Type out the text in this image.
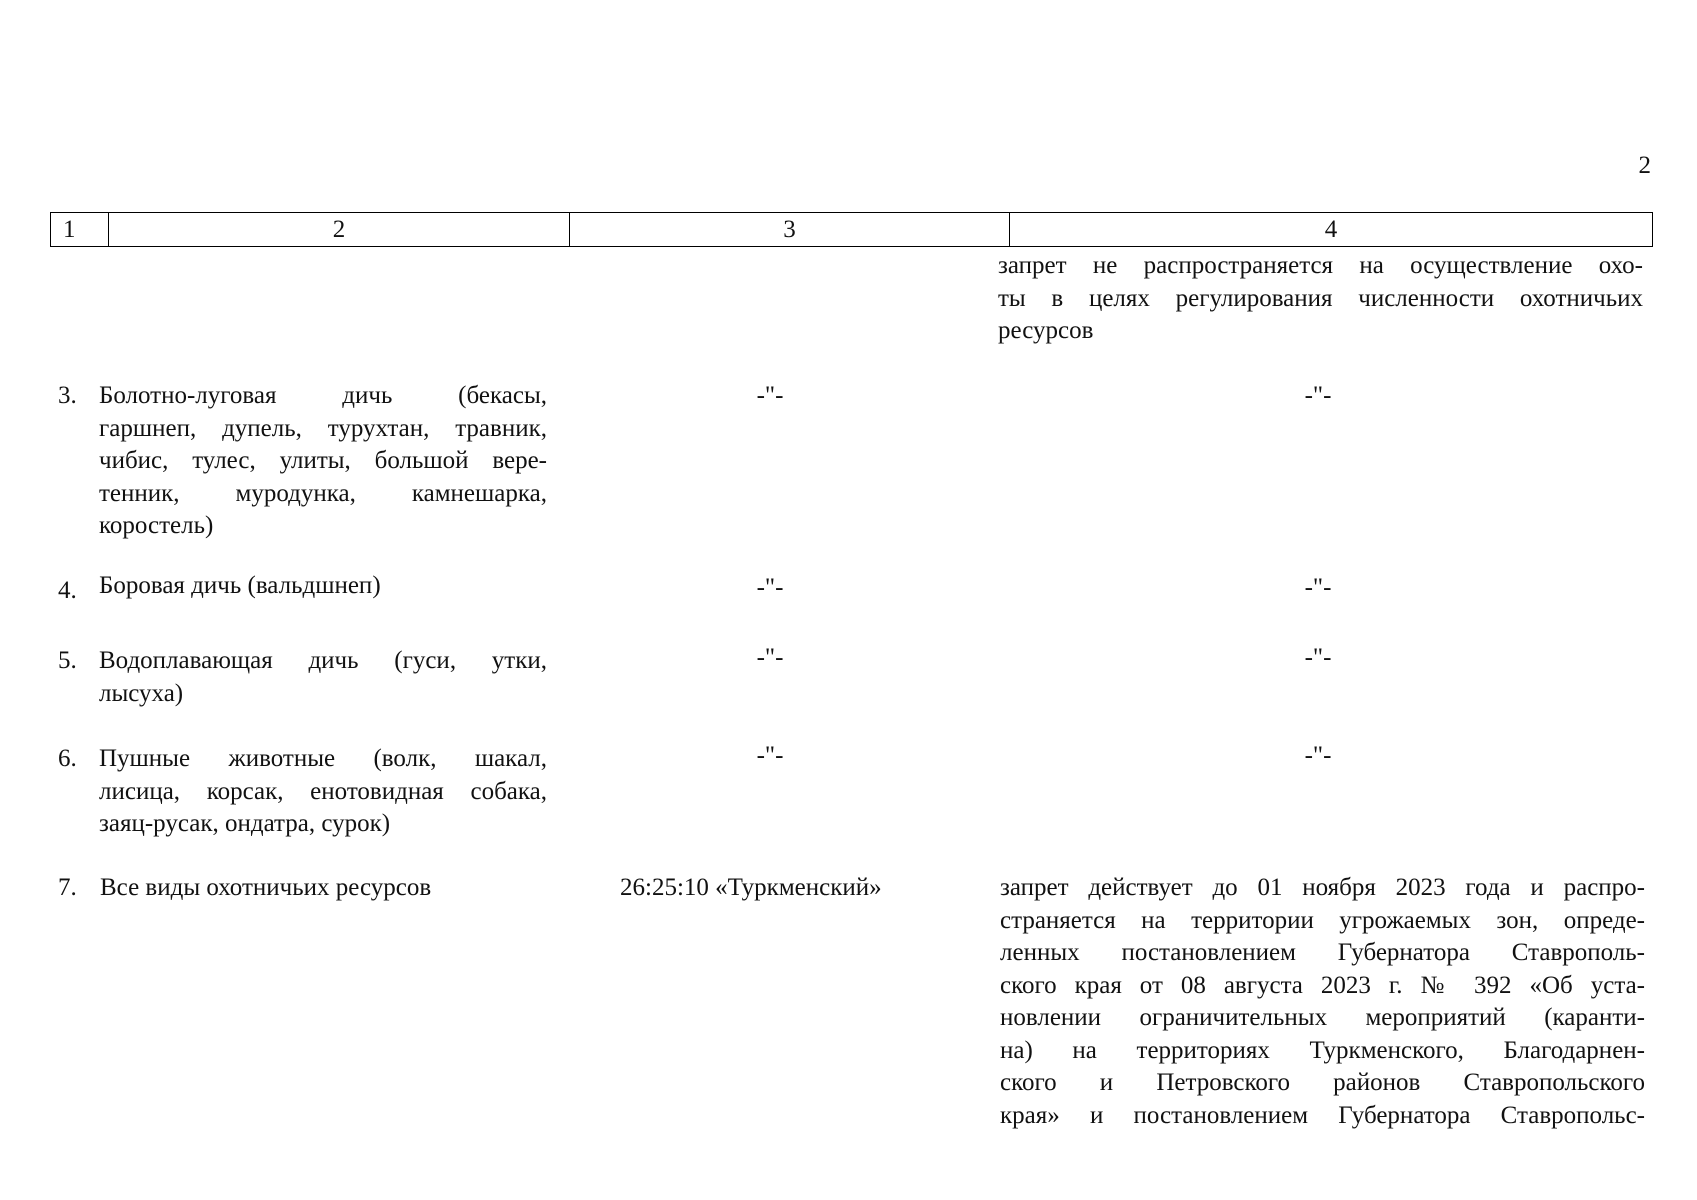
2
1	2	3	4
запрет не распространяется на осуществление охо-
ты в целях регулирования численности охотничьих
ресурсов
3. Болотно-луговая дичь (бекасы,
гаршнеп, дупель, турухтан, травник,
чибис, тулес, улиты, большой вере-
тенник, муродунка, камнешарка,
коростель)
-"-	-"-
4. Боровая дичь (вальдшнеп)	-"-	-"-
5. Водоплавающая дичь (гуси, утки,
лысуха)
-"-	-"-
6. Пушные животные (волк, шакал,
лисица, корсак, енотовидная собака,
заяц-русак, ондатра, сурок)
-"-	-"-
7. Все виды охотничьих ресурсов	26:25:10 «Туркменский»	запрет действует до 01 ноября 2023 года и распро-
страняется на территории угрожаемых зон, опреде-
ленных постановлением Губернатора Ставрополь-
ского края от 08 августа 2023 г. № 392 «Об уста-
новлении ограничительных мероприятий (каранти-
на) на территориях Туркменского, Благодарнен-
ского и Петровского районов Ставропольского
края» и постановлением Губернатора Ставропольс-
